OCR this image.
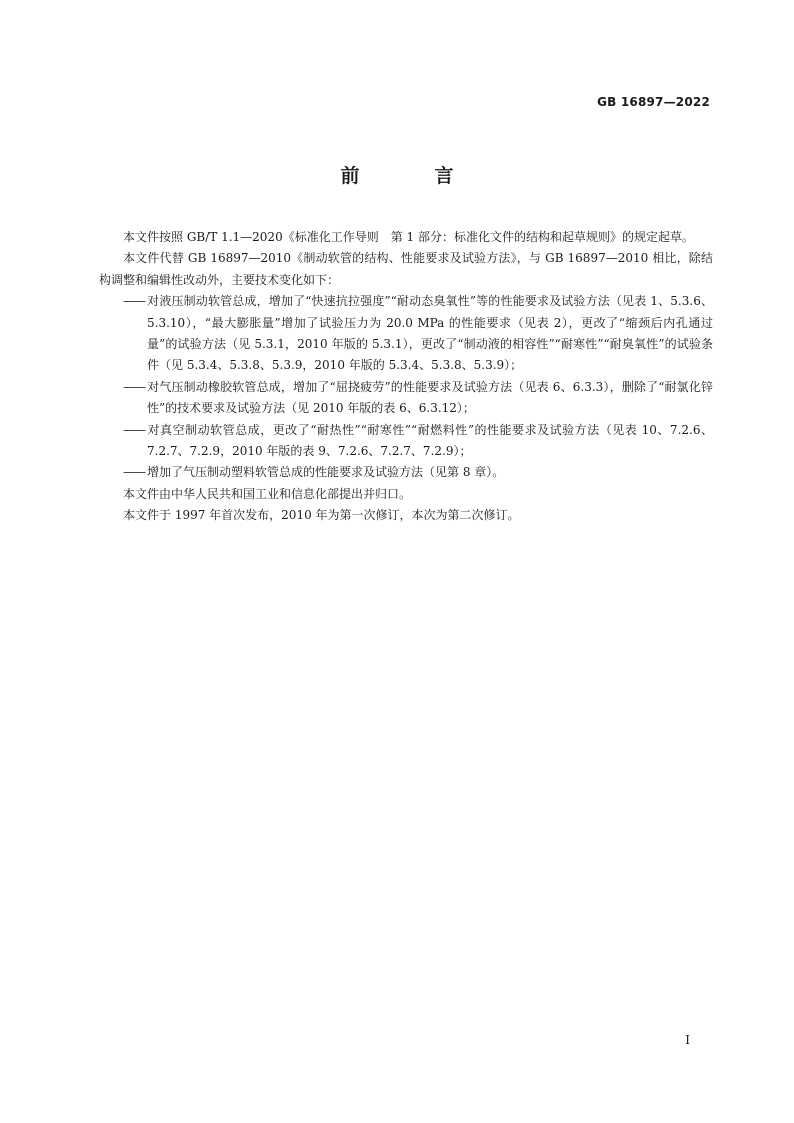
GB 16897—2022
前　言

本文件按照 GB/T 1.1—2020《标准化工作导则　第 1 部分：标准化文件的结构和起草规则》的规定起草。

本文件代替 GB 16897—2010《制动软管的结构、性能要求及试验方法》，与 GB 16897—2010 相比，除结构调整和编辑性改动外，主要技术变化如下：

—— 对液压制动软管总成，增加了“快速抗拉强度”“耐动态臭氧性”等的性能要求及试验方法（见表 1、5.3.6、5.3.10），“最大膨胀量”增加了试验压力为 20.0 MPa 的性能要求（见表 2），更改了“缩颈后内孔通过量”的试验方法（见 5.3.1，2010 年版的 5.3.1），更改了“制动液的相容性”“耐寒性”“耐臭氧性”的试验条件（见 5.3.4、5.3.8、5.3.9，2010 年版的 5.3.4、5.3.8、5.3.9）；

—— 对气压制动橡胶软管总成，增加了“屈挠疲劳”的性能要求及试验方法（见表 6、6.3.3），删除了“耐氯化锌性”的技术要求及试验方法（见 2010 年版的表 6、6.3.12）；

—— 对真空制动软管总成，更改了“耐热性”“耐寒性”“耐燃料性”的性能要求及试验方法（见表 10、7.2.6、7.2.7、7.2.9，2010 年版的表 9、7.2.6、7.2.7、7.2.9）；

—— 增加了气压制动塑料软管总成的性能要求及试验方法（见第 8 章）。

本文件由中华人民共和国工业和信息化部提出并归口。

本文件于 1997 年首次发布，2010 年为第一次修订，本次为第二次修订。

I
